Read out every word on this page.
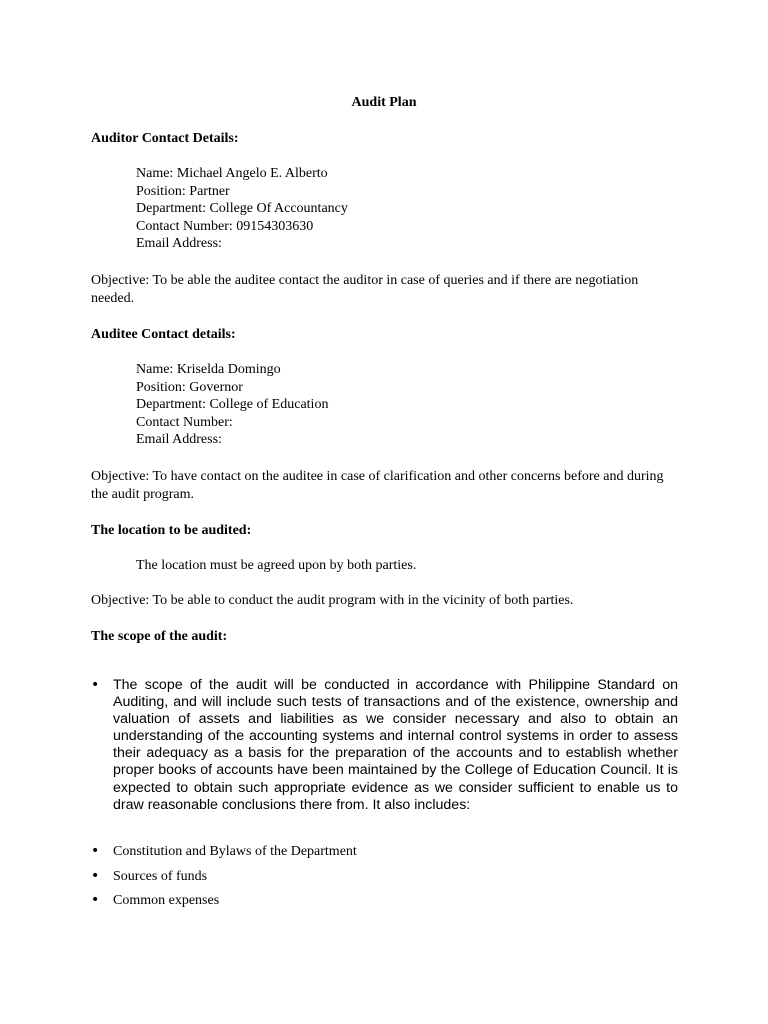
Audit Plan
Auditor Contact Details:
Name: Michael Angelo E. Alberto
Position: Partner
Department: College Of Accountancy
Contact Number: 09154303630
Email Address:
Objective: To be able the auditee contact the auditor in case of queries and if there are negotiation needed.
Auditee Contact details:
Name: Kriselda Domingo
Position: Governor
Department: College of Education
Contact Number:
Email Address:
Objective: To have contact on the auditee in case of clarification and other concerns before and during the audit program.
The location to be audited:
The location must be agreed upon by both parties.
Objective: To be able to conduct the audit program with in the vicinity of both parties.
The scope of the audit:
• The scope of the audit will be conducted in accordance with Philippine Standard on Auditing, and will include such tests of transactions and of the existence, ownership and valuation of assets and liabilities as we consider necessary and also to obtain an understanding of the accounting systems and internal control systems in order to assess their adequacy as a basis for the preparation of the accounts and to establish whether proper books of accounts have been maintained by the College of Education Council. It is expected to obtain such appropriate evidence as we consider sufficient to enable us to draw reasonable conclusions there from. It also includes:
• Constitution and Bylaws of the Department
• Sources of funds
• Common expenses
